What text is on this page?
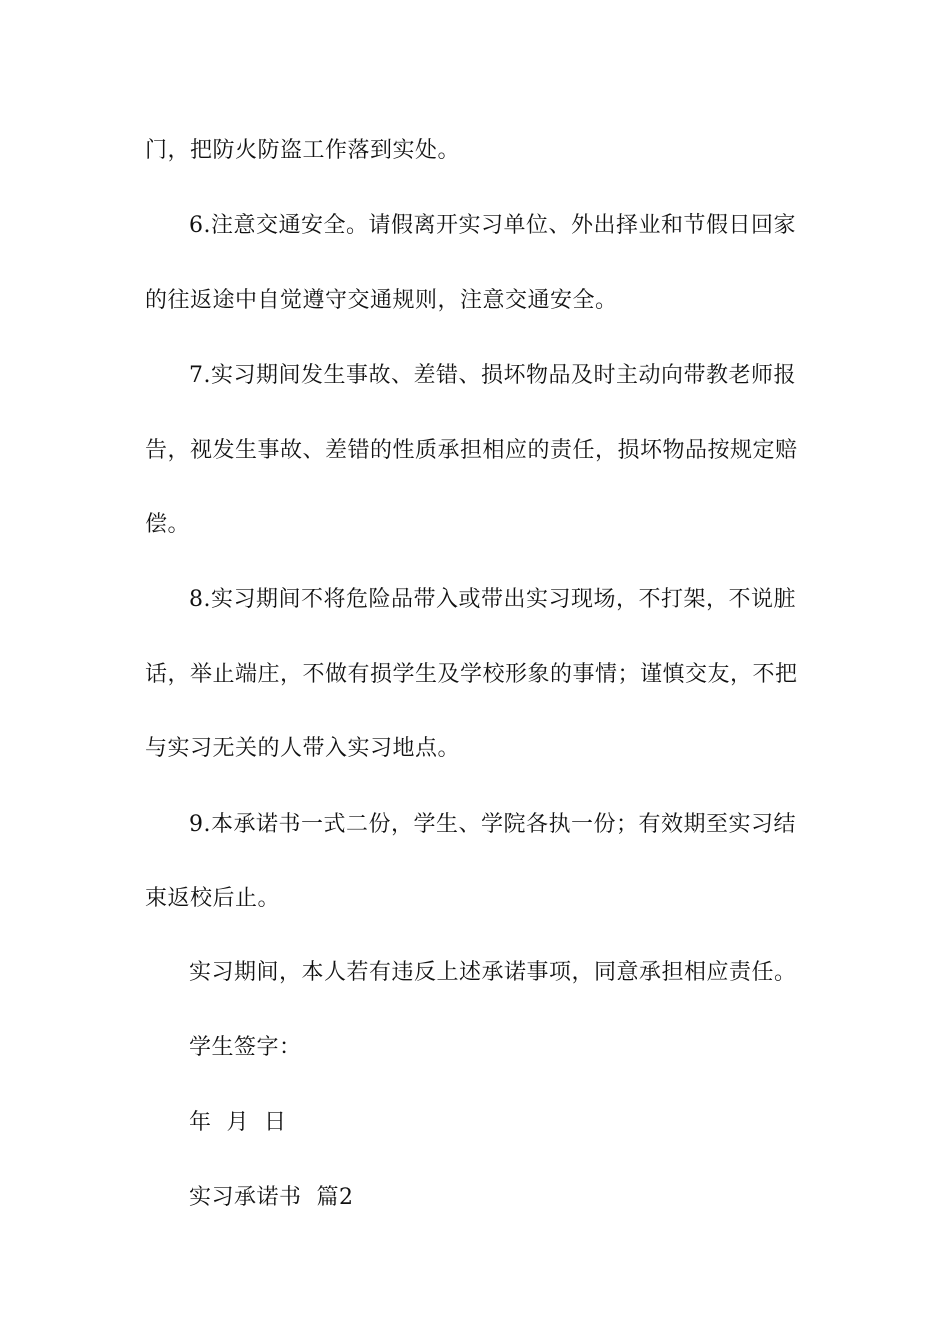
门，把防火防盗工作落到实处。
6.注意交通安全。请假离开实习单位、外出择业和节假日回家
的往返途中自觉遵守交通规则，注意交通安全。
7.实习期间发生事故、差错、损坏物品及时主动向带教老师报
告，视发生事故、差错的性质承担相应的责任，损坏物品按规定赔
偿。
8.实习期间不将危险品带入或带出实习现场，不打架，不说脏
话，举止端庄，不做有损学生及学校形象的事情；谨慎交友，不把
与实习无关的人带入实习地点。
9.本承诺书一式二份，学生、学院各执一份；有效期至实习结
束返校后止。
实习期间，本人若有违反上述承诺事项，同意承担相应责任。
学生签字：
年  月  日
实习承诺书  篇2
